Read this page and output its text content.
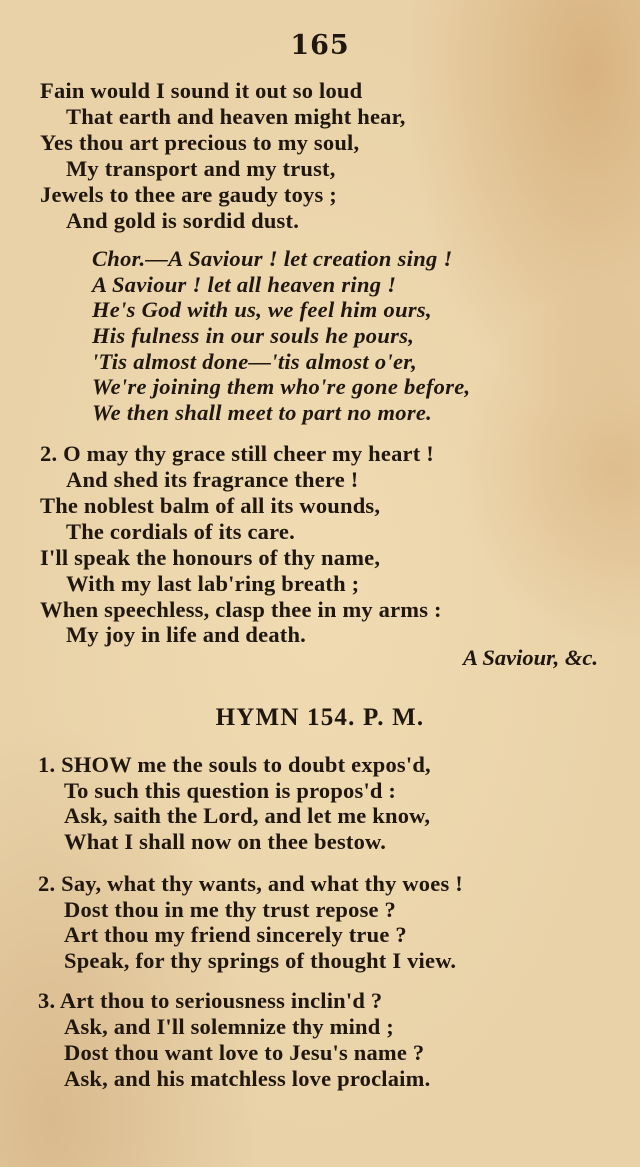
165
Fain would I sound it out so loud
That earth and heaven might hear,
Yes thou art precious to my soul,
My transport and my trust,
Jewels to thee are gaudy toys ;
And gold is sordid dust.
Chor.—A Saviour ! let creation sing !
A Saviour ! let all heaven ring !
He's God with us, we feel him ours,
His fulness in our souls he pours,
'Tis almost done—'tis almost o'er,
We're joining them who're gone before,
We then shall meet to part no more.
2. O may thy grace still cheer my heart !
And shed its fragrance there !
The noblest balm of all its wounds,
The cordials of its care.
I'll speak the honours of thy name,
With my last lab'ring breath ;
When speechless, clasp thee in my arms :
My joy in life and death.
A Saviour, &c.
HYMN 154. P. M.
1. SHOW me the souls to doubt expos'd,
To such this question is propos'd :
Ask, saith the Lord, and let me know,
What I shall now on thee bestow.
2. Say, what thy wants, and what thy woes !
Dost thou in me thy trust repose ?
Art thou my friend sincerely true ?
Speak, for thy springs of thought I view.
3. Art thou to seriousness inclin'd ?
Ask, and I'll solemnize thy mind ;
Dost thou want love to Jesu's name ?
Ask, and his matchless love proclaim.
